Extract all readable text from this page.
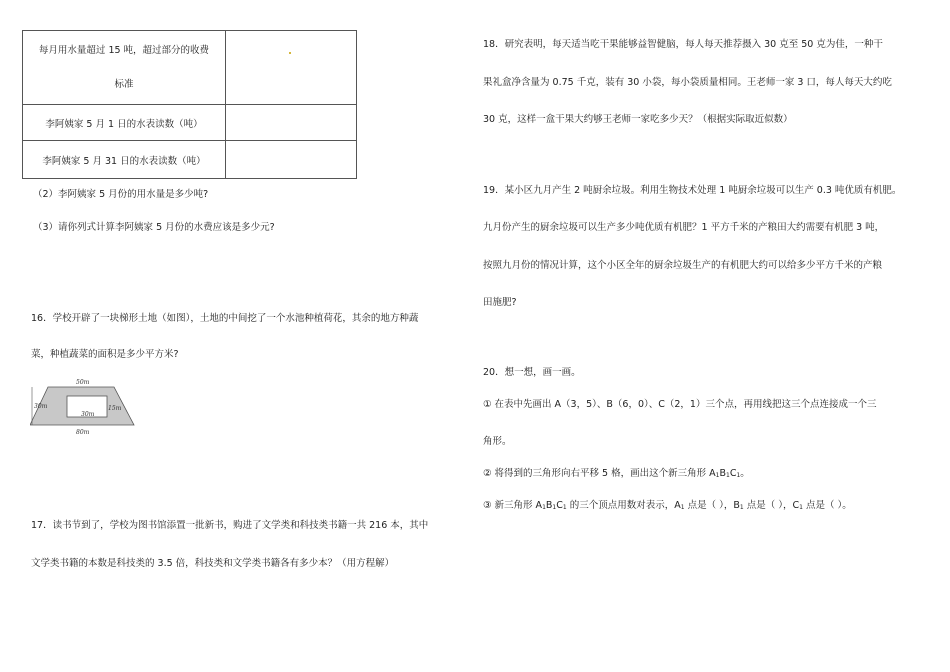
每月用水量超过 15 吨，超过部分的收费
标准	

李阿姨家 5 月 1 日的水表读数（吨）	
李阿姨家 5 月 31 日的水表读数（吨）	
（2）李阿姨家 5 月份的用水量是多少吨?
（3）请你列式计算李阿姨家 5 月份的水费应该是多少元?
16．学校开辟了一块梯形土地（如图），土地的中间挖了一个水池种植荷花，其余的地方种蔬
菜，种植蔬菜的面积是多少平方米?
50m
30m
30m
15m
80m
17．读书节到了，学校为图书馆添置一批新书，购进了文学类和科技类书籍一共 216 本，其中
文学类书籍的本数是科技类的 3.5 倍，科技类和文学类书籍各有多少本？（用方程解）
18．研究表明，每天适当吃干果能够益智健脑，每人每天推荐摄入 30 克至 50 克为佳，一种干
果礼盒净含量为 0.75 千克，装有 30 小袋，每小袋质量相同。王老师一家 3 口，每人每天大约吃
30 克，这样一盒干果大约够王老师一家吃多少天？（根据实际取近似数）
19．某小区九月产生 2 吨厨余垃圾。利用生物技术处理 1 吨厨余垃圾可以生产 0.3 吨优质有机肥。
九月份产生的厨余垃圾可以生产多少吨优质有机肥？1 平方千米的产粮田大约需要有机肥 3 吨，
按照九月份的情况计算，这个小区全年的厨余垃圾生产的有机肥大约可以给多少平方千米的产粮
田施肥?
20．想一想，画一画。
① 在表中先画出 A（3，5）、B（6，0）、C（2，1）三个点，再用线把这三个点连接成一个三
角形。
② 将得到的三角形向右平移 5 格，画出这个新三角形 $A_1B_1C_1$。
③ 新三角形 $A_1B_1C_1$ 的三个顶点用数对表示，$A_1$ 点是（ ），$B_1$ 点是（ ），$C_1$ 点是（ ）。
